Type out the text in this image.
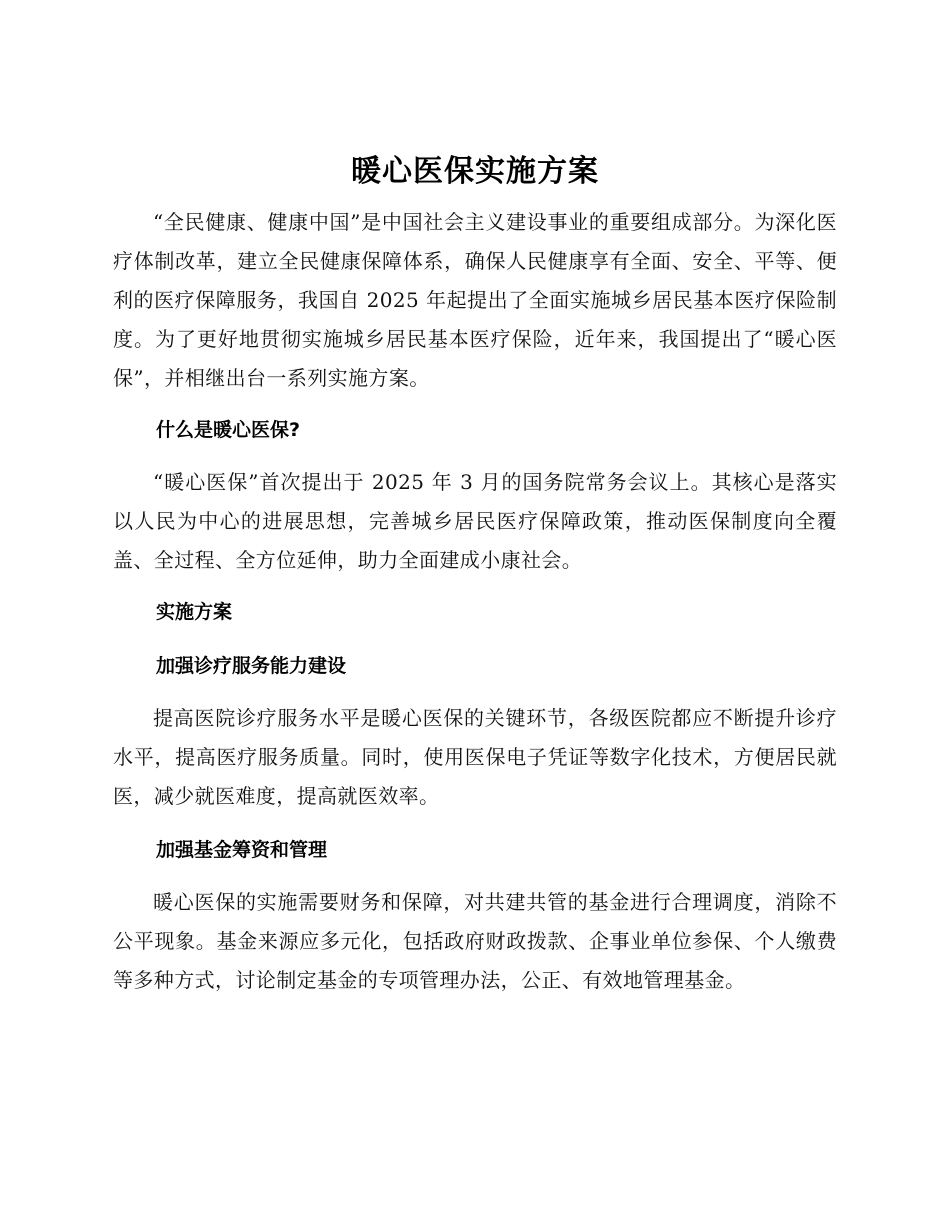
暖心医保实施方案

“全民健康、健康中国”是中国社会主义建设事业的重要组成部分。为深化医疗体制改革，建立全民健康保障体系，确保人民健康享有全面、安全、平等、便利的医疗保障服务，我国自 2025 年起提出了全面实施城乡居民基本医疗保险制度。为了更好地贯彻实施城乡居民基本医疗保险，近年来，我国提出了“暖心医保”，并相继出台一系列实施方案。

什么是暖心医保?

“暖心医保”首次提出于 2025 年 3 月的国务院常务会议上。其核心是落实以人民为中心的进展思想，完善城乡居民医疗保障政策，推动医保制度向全覆盖、全过程、全方位延伸，助力全面建成小康社会。

实施方案
加强诊疗服务能力建设

提高医院诊疗服务水平是暖心医保的关键环节，各级医院都应不断提升诊疗水平，提高医疗服务质量。同时，使用医保电子凭证等数字化技术，方便居民就医，减少就医难度，提高就医效率。

加强基金筹资和管理

暖心医保的实施需要财务和保障，对共建共管的基金进行合理调度，消除不公平现象。基金来源应多元化，包括政府财政拨款、企事业单位参保、个人缴费等多种方式，讨论制定基金的专项管理办法，公正、有效地管理基金。
